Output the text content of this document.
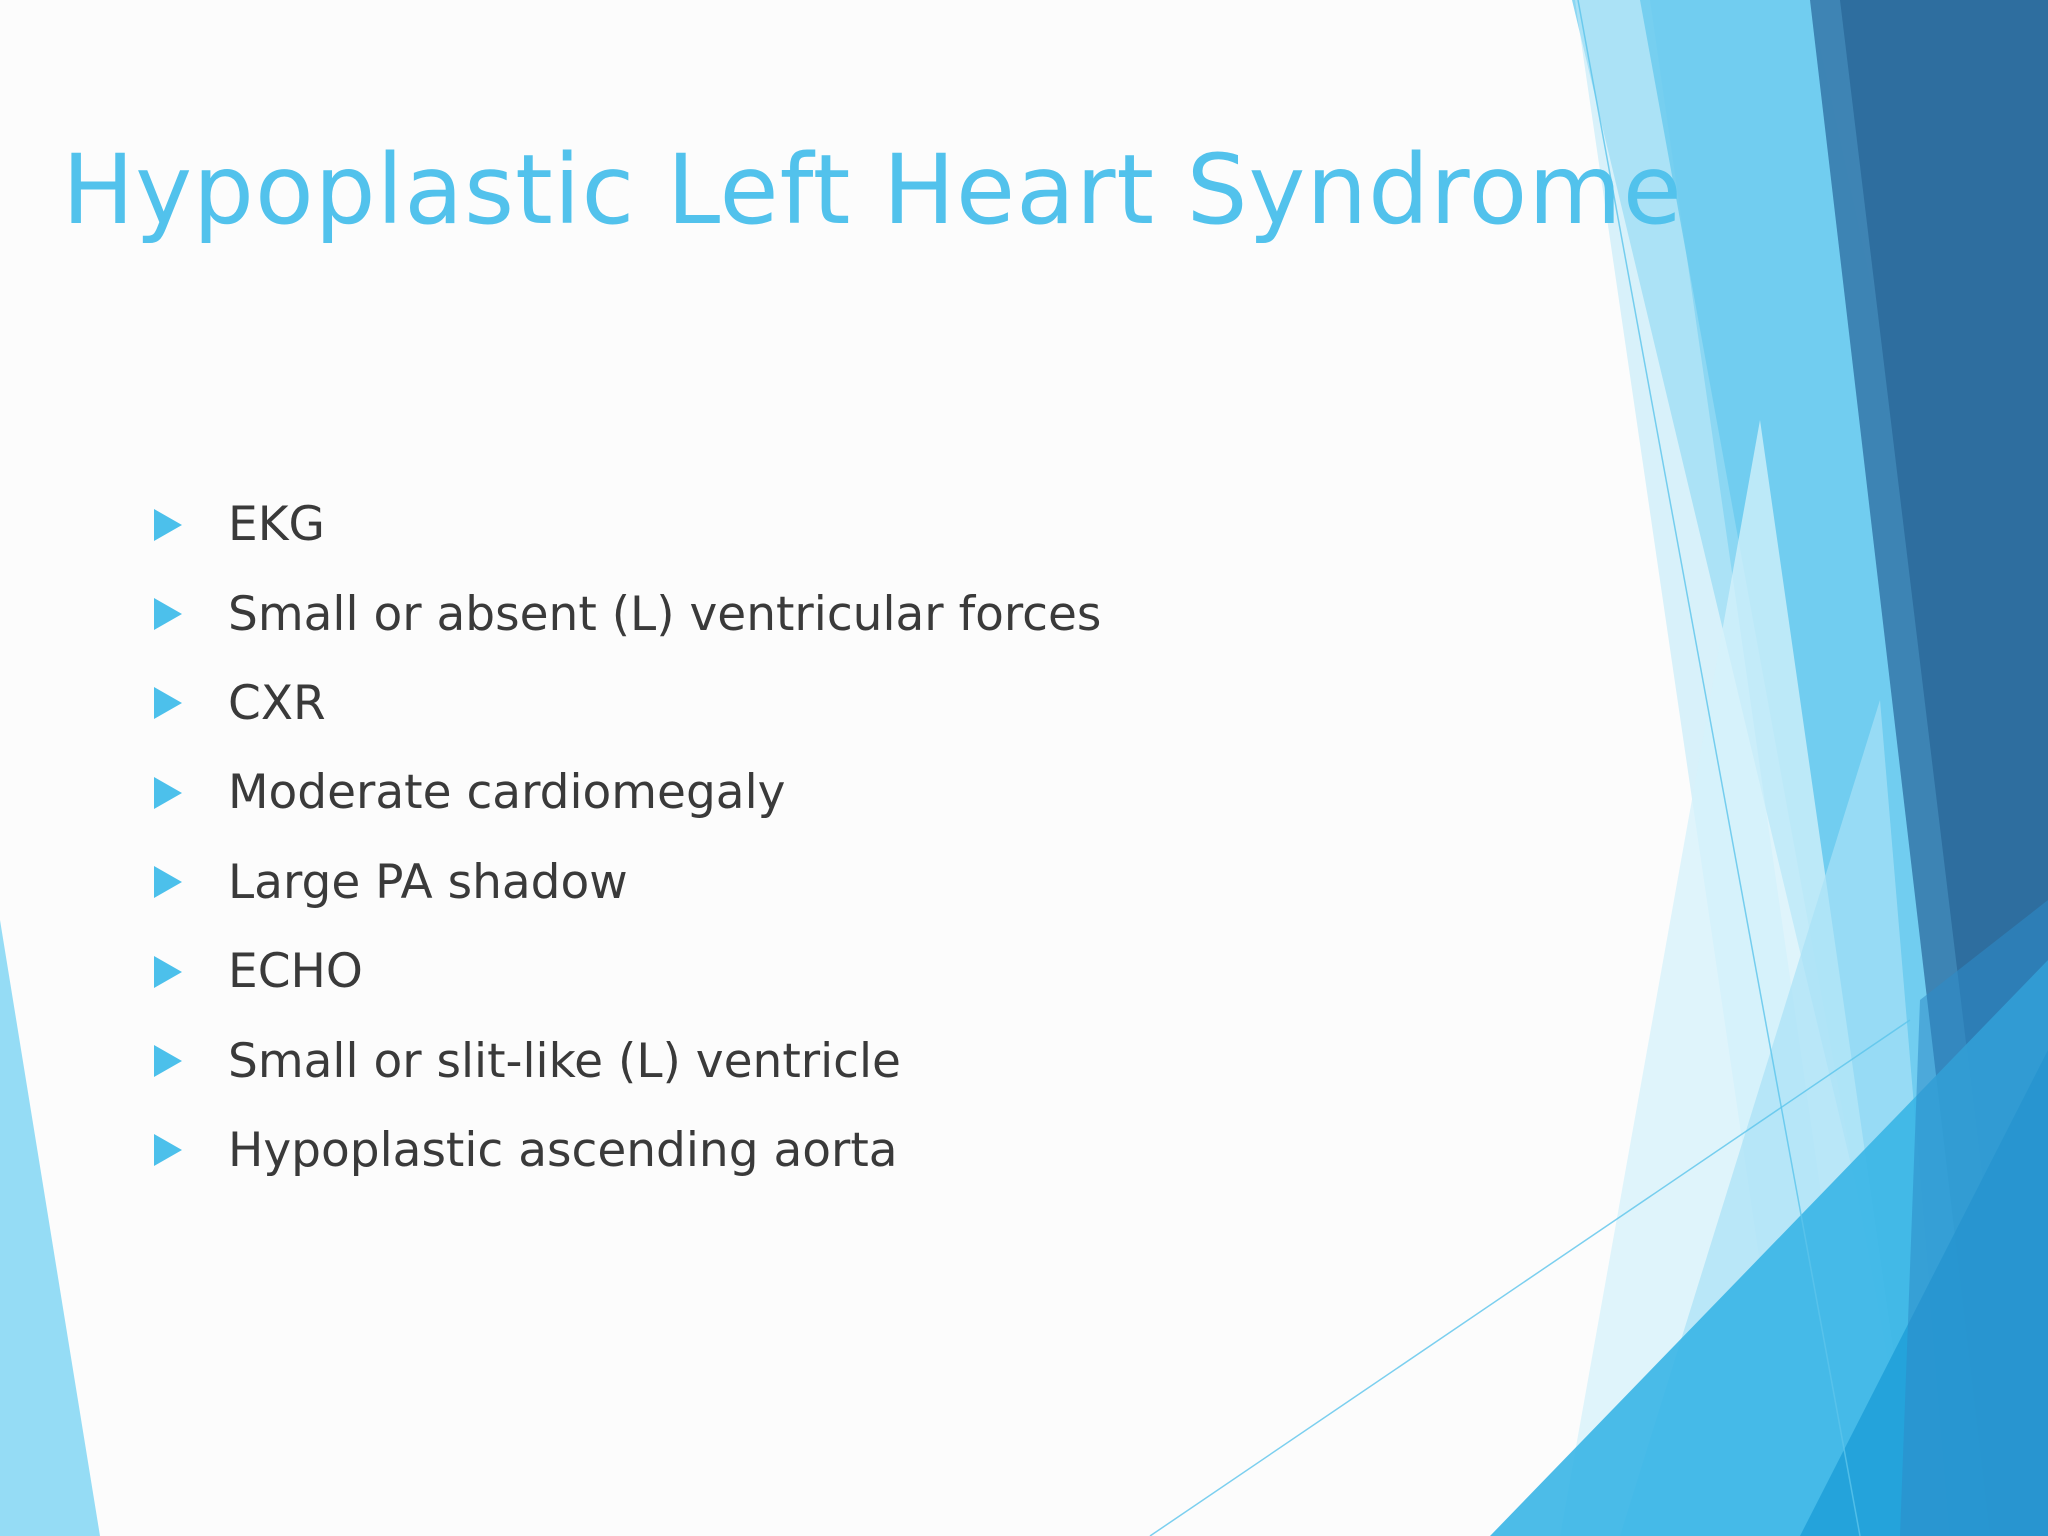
Hypoplastic Left Heart Syndrome
EKG
Small or absent (L) ventricular forces
CXR
Moderate cardiomegaly
Large PA shadow
ECHO
Small or slit-like (L) ventricle
Hypoplastic ascending aorta
